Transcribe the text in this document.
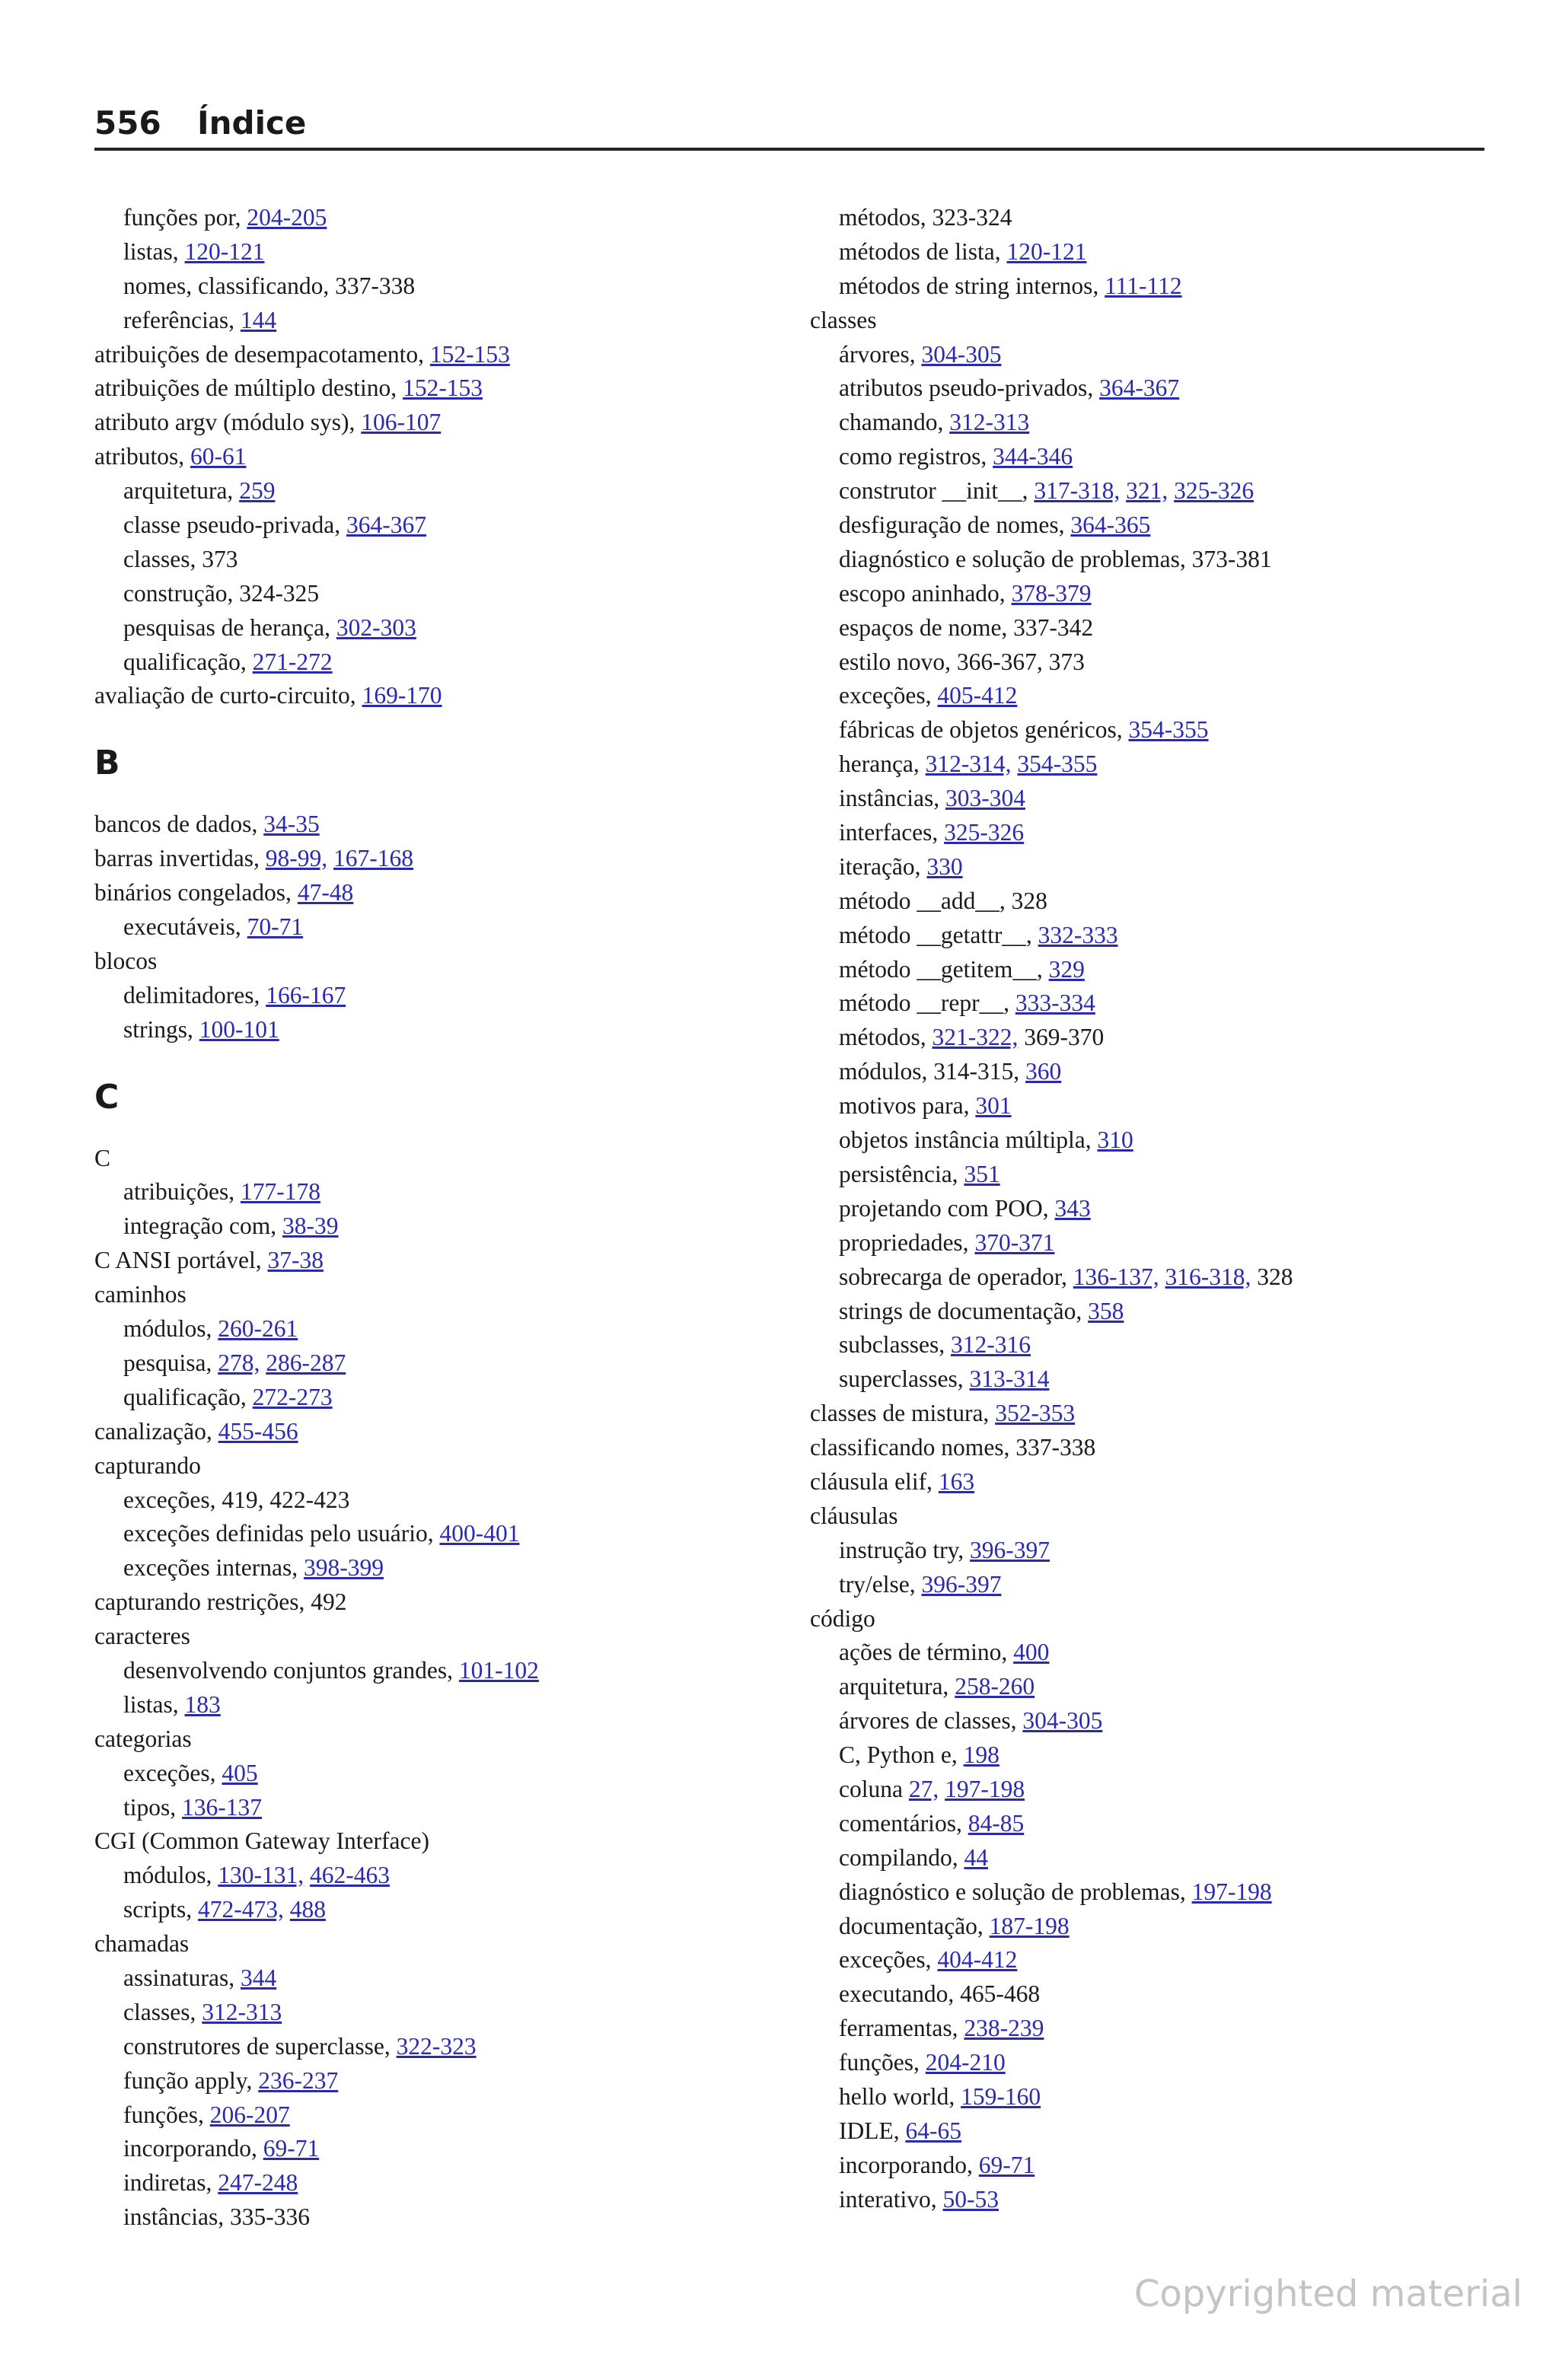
556 Índice
funções por, 204-205
listas, 120-121
nomes, classificando, 337-338
referências, 144
atribuições de desempacotamento, 152-153
atribuições de múltiplo destino, 152-153
atributo argv (módulo sys), 106-107
atributos, 60-61
arquitetura, 259
classe pseudo-privada, 364-367
classes, 373
construção, 324-325
pesquisas de herança, 302-303
qualificação, 271-272
avaliação de curto-circuito, 169-170
B
bancos de dados, 34-35
barras invertidas, 98-99, 167-168
binários congelados, 47-48
executáveis, 70-71
blocos
delimitadores, 166-167
strings, 100-101
C
C
atribuições, 177-178
integração com, 38-39
C ANSI portável, 37-38
caminhos
módulos, 260-261
pesquisa, 278, 286-287
qualificação, 272-273
canalização, 455-456
capturando
exceções, 419, 422-423
exceções definidas pelo usuário, 400-401
exceções internas, 398-399
capturando restrições, 492
caracteres
desenvolvendo conjuntos grandes, 101-102
listas, 183
categorias
exceções, 405
tipos, 136-137
CGI (Common Gateway Interface)
módulos, 130-131, 462-463
scripts, 472-473, 488
chamadas
assinaturas, 344
classes, 312-313
construtores de superclasse, 322-323
função apply, 236-237
funções, 206-207
incorporando, 69-71
indiretas, 247-248
instâncias, 335-336
métodos, 323-324
métodos de lista, 120-121
métodos de string internos, 111-112
classes
árvores, 304-305
atributos pseudo-privados, 364-367
chamando, 312-313
como registros, 344-346
construtor __init__, 317-318, 321, 325-326
desfiguração de nomes, 364-365
diagnóstico e solução de problemas, 373-381
escopo aninhado, 378-379
espaços de nome, 337-342
estilo novo, 366-367, 373
exceções, 405-412
fábricas de objetos genéricos, 354-355
herança, 312-314, 354-355
instâncias, 303-304
interfaces, 325-326
iteração, 330
método __add__, 328
método __getattr__, 332-333
método __getitem__, 329
método __repr__, 333-334
métodos, 321-322, 369-370
módulos, 314-315, 360
motivos para, 301
objetos instância múltipla, 310
persistência, 351
projetando com POO, 343
propriedades, 370-371
sobrecarga de operador, 136-137, 316-318, 328
strings de documentação, 358
subclasses, 312-316
superclasses, 313-314
classes de mistura, 352-353
classificando nomes, 337-338
cláusula elif, 163
cláusulas
instrução try, 396-397
try/else, 396-397
código
ações de término, 400
arquitetura, 258-260
árvores de classes, 304-305
C, Python e, 198
coluna 27, 197-198
comentários, 84-85
compilando, 44
diagnóstico e solução de problemas, 197-198
documentação, 187-198
exceções, 404-412
executando, 465-468
ferramentas, 238-239
funções, 204-210
hello world, 159-160
IDLE, 64-65
incorporando, 69-71
interativo, 50-53
Copyrighted material
